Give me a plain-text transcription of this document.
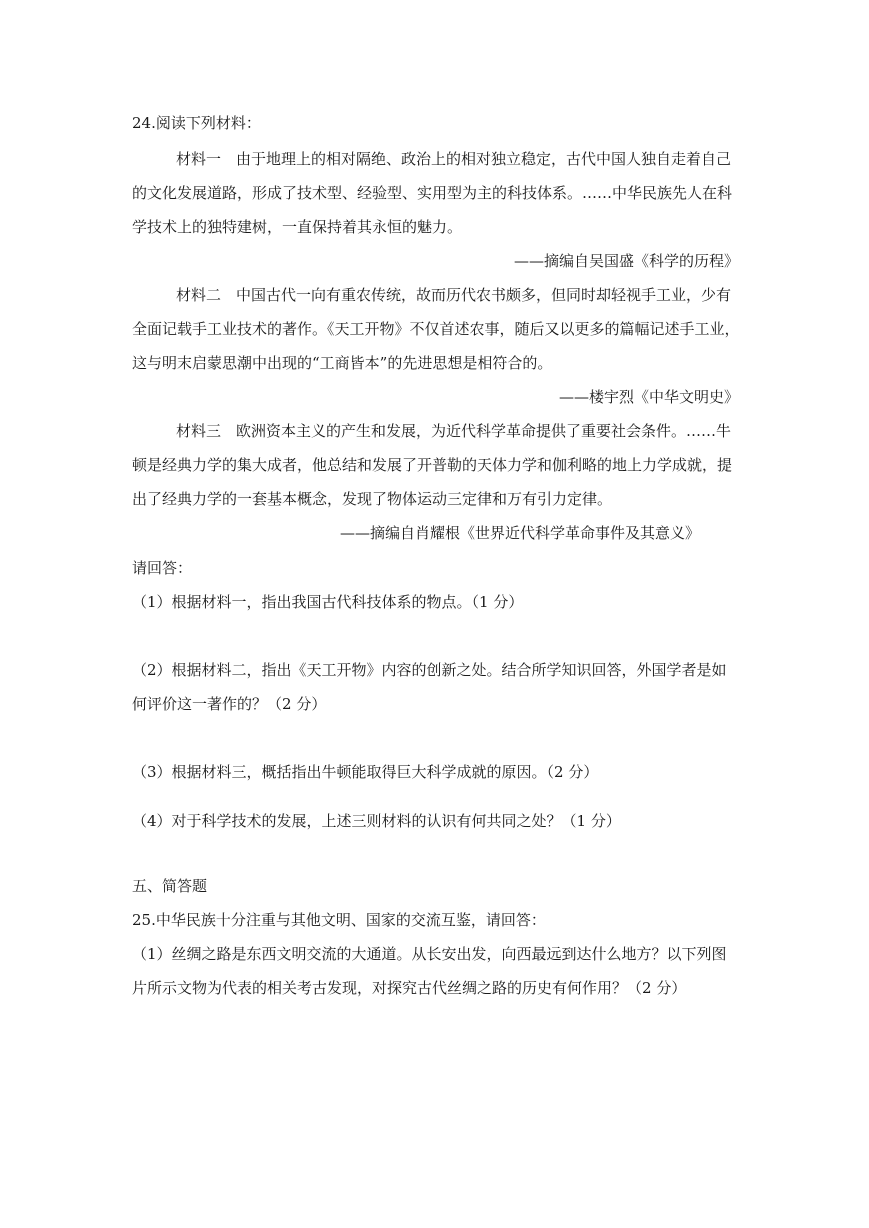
24.阅读下列材料：
材料一　由于地理上的相对隔绝、政治上的相对独立稳定，古代中国人独自走着自己
的文化发展道路，形成了技术型、经验型、实用型为主的科技体系。……中华民族先人在科
学技术上的独特建树，一直保持着其永恒的魅力。
——摘编自吴国盛《科学的历程》
材料二　中国古代一向有重农传统，故而历代农书颇多，但同时却轻视手工业，少有
全面记载手工业技术的著作。《天工开物》不仅首述农事，随后又以更多的篇幅记述手工业，
这与明末启蒙思潮中出现的“工商皆本”的先进思想是相符合的。
——楼宇烈《中华文明史》
材料三　欧洲资本主义的产生和发展，为近代科学革命提供了重要社会条件。……牛
顿是经典力学的集大成者，他总结和发展了开普勒的天体力学和伽利略的地上力学成就，提
出了经典力学的一套基本概念，发现了物体运动三定律和万有引力定律。
——摘编自肖耀根《世界近代科学革命事件及其意义》
请回答：
（1）根据材料一，指出我国古代科技体系的物点。（1 分）
（2）根据材料二，指出《天工开物》内容的创新之处。结合所学知识回答，外国学者是如
何评价这一著作的？（2 分）
（3）根据材料三，概括指出牛顿能取得巨大科学成就的原因。（2 分）
（4）对于科学技术的发展，上述三则材料的认识有何共同之处？（1 分）
五、简答题
25.中华民族十分注重与其他文明、国家的交流互鉴，请回答：
（1）丝绸之路是东西文明交流的大通道。从长安出发，向西最远到达什么地方？以下列图
片所示文物为代表的相关考古发现，对探究古代丝绸之路的历史有何作用？（2 分）
